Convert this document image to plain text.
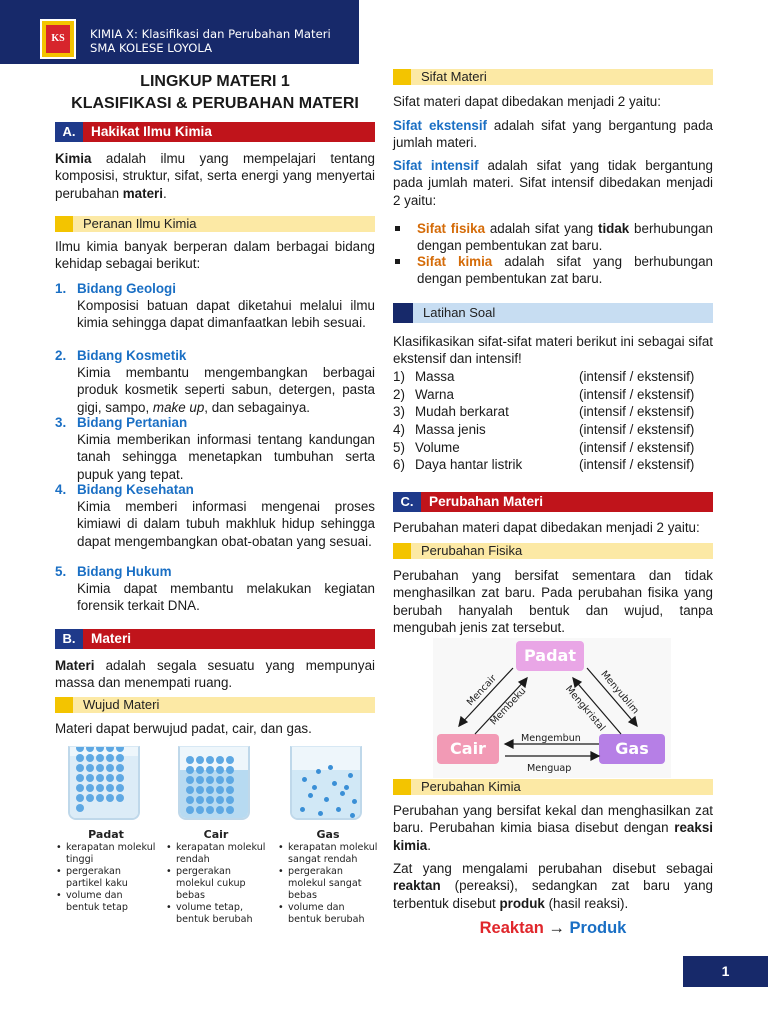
KS	KIMIA X: Klasifikasi dan Perubahan Materi
SMA KOLESE LOYOLA
LINGKUP MATERI 1
KLASIFIKASI & PERUBAHAN MATERI
A.	Hakikat Ilmu Kimia
Kimia adalah ilmu yang mempelajari tentang komposisi, struktur, sifat, serta energi yang menyertai perubahan materi.
Peranan Ilmu Kimia
Ilmu kimia banyak berperan dalam berbagai bidang kehidap sebagai berikut:
1. Bidang Geologi
Komposisi batuan dapat diketahui melalui ilmu kimia sehingga dapat dimanfaatkan lebih sesuai.
2. Bidang Kosmetik
Kimia membantu mengembangkan berbagai produk kosmetik seperti sabun, detergen, pasta gigi, sampo, make up, dan sebagainya.
3. Bidang Pertanian
Kimia memberikan informasi tentang kandungan tanah sehingga menetapkan tumbuhan serta pupuk yang tepat.
4. Bidang Kesehatan
Kimia memberi informasi mengenai proses kimiawi di dalam tubuh makhluk hidup sehingga dapat mengembangkan obat-obatan yang sesuai.
5. Bidang Hukum
Kimia dapat membantu melakukan kegiatan forensik terkait DNA.
B.	Materi
Materi adalah segala sesuatu yang mempunyai massa dan menempati ruang.
Wujud Materi
Materi dapat berwujud padat, cair, dan gas.
Padat
• kerapatan molekul tinggi
• pergerakan partikel kaku
• volume dan bentuk tetap
Cair
• kerapatan molekul rendah
• pergerakan molekul cukup bebas
• volume tetap, bentuk berubah
Gas
• kerapatan molekul sangat rendah
• pergerakan molekul sangat bebas
• volume dan bentuk berubah
Sifat Materi
Sifat materi dapat dibedakan menjadi 2 yaitu:
Sifat ekstensif adalah sifat yang bergantung pada jumlah materi.
Sifat intensif adalah sifat yang tidak bergantung pada jumlah materi. Sifat intensif dibedakan menjadi 2 yaitu:
Sifat fisika adalah sifat yang tidak berhubungan dengan pembentukan zat baru.
Sifat kimia adalah sifat yang berhubungan dengan pembentukan zat baru.
Latihan Soal
Klasifikasikan sifat-sifat materi berikut ini sebagai sifat ekstensif dan intensif!
1) Massa	(intensif / ekstensif)
2) Warna	(intensif / ekstensif)
3) Mudah berkarat	(intensif / ekstensif)
4) Massa jenis	(intensif / ekstensif)
5) Volume	(intensif / ekstensif)
6) Daya hantar listrik	(intensif / ekstensif)
C.	Perubahan Materi
Perubahan materi dapat dibedakan menjadi 2 yaitu:
Perubahan Fisika
Perubahan yang bersifat sementara dan tidak menghasilkan zat baru. Pada perubahan fisika yang berubah hanyalah bentuk dan wujud, tanpa mengubah jenis zat tersebut.
Padat
Cair	Gas
Mencair
Membeku	Mengkristal
Menyublim
Mengembun
Menguap
Perubahan Kimia
Perubahan yang bersifat kekal dan menghasilkan zat baru. Perubahan kimia biasa disebut dengan reaksi kimia.
Zat yang mengalami perubahan disebut sebagai reaktan (pereaksi), sedangkan zat baru yang terbentuk disebut produk (hasil reaksi).
Reaktan → Produk
1
